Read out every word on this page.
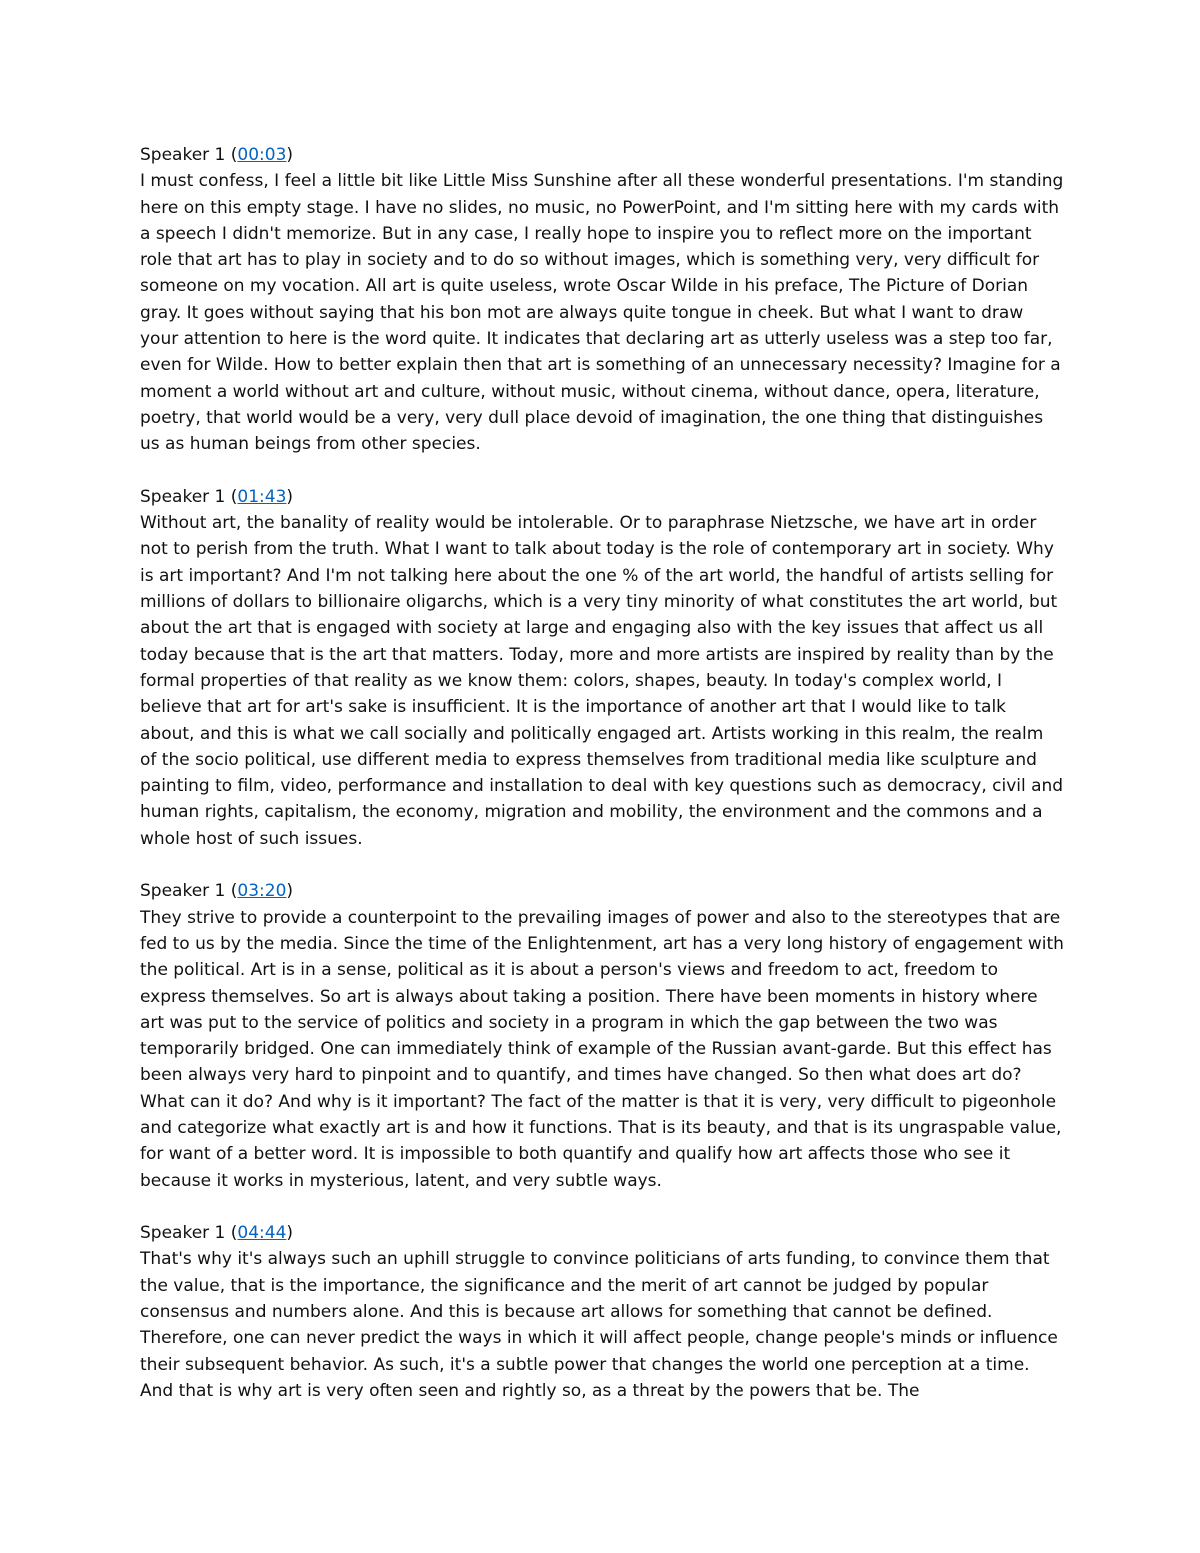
Speaker 1 (00:03)

I must confess, I feel a little bit like Little Miss Sunshine after all these wonderful presentations. I'm standing here on this empty stage. I have no slides, no music, no PowerPoint, and I'm sitting here with my cards with a speech I didn't memorize. But in any case, I really hope to inspire you to reflect more on the important role that art has to play in society and to do so without images, which is something very, very difficult for someone on my vocation. All art is quite useless, wrote Oscar Wilde in his preface, The Picture of Dorian gray. It goes without saying that his bon mot are always quite tongue in cheek. But what I want to draw your attention to here is the word quite. It indicates that declaring art as utterly useless was a step too far, even for Wilde. How to better explain then that art is something of an unnecessary necessity? Imagine for a moment a world without art and culture, without music, without cinema, without dance, opera, literature, poetry, that world would be a very, very dull place devoid of imagination, the one thing that distinguishes us as human beings from other species.

Speaker 1 (01:43)

Without art, the banality of reality would be intolerable. Or to paraphrase Nietzsche, we have art in order not to perish from the truth. What I want to talk about today is the role of contemporary art in society. Why is art important? And I'm not talking here about the one % of the art world, the handful of artists selling for millions of dollars to billionaire oligarchs, which is a very tiny minority of what constitutes the art world, but about the art that is engaged with society at large and engaging also with the key issues that affect us all today because that is the art that matters. Today, more and more artists are inspired by reality than by the formal properties of that reality as we know them: colors, shapes, beauty. In today's complex world, I believe that art for art's sake is insufficient. It is the importance of another art that I would like to talk about, and this is what we call socially and politically engaged art. Artists working in this realm, the realm of the socio political, use different media to express themselves from traditional media like sculpture and painting to film, video, performance and installation to deal with key questions such as democracy, civil and human rights, capitalism, the economy, migration and mobility, the environment and the commons and a whole host of such issues.

Speaker 1 (03:20)

They strive to provide a counterpoint to the prevailing images of power and also to the stereotypes that are fed to us by the media. Since the time of the Enlightenment, art has a very long history of engagement with the political. Art is in a sense, political as it is about a person's views and freedom to act, freedom to express themselves. So art is always about taking a position. There have been moments in history where art was put to the service of politics and society in a program in which the gap between the two was temporarily bridged. One can immediately think of example of the Russian avant-garde. But this effect has been always very hard to pinpoint and to quantify, and times have changed. So then what does art do? What can it do? And why is it important? The fact of the matter is that it is very, very difficult to pigeonhole and categorize what exactly art is and how it functions. That is its beauty, and that is its ungraspable value, for want of a better word. It is impossible to both quantify and qualify how art affects those who see it because it works in mysterious, latent, and very subtle ways.

Speaker 1 (04:44)

That's why it's always such an uphill struggle to convince politicians of arts funding, to convince them that the value, that is the importance, the significance and the merit of art cannot be judged by popular consensus and numbers alone. And this is because art allows for something that cannot be defined. Therefore, one can never predict the ways in which it will affect people, change people's minds or influence their subsequent behavior. As such, it's a subtle power that changes the world one perception at a time. And that is why art is very often seen and rightly so, as a threat by the powers that be. The
